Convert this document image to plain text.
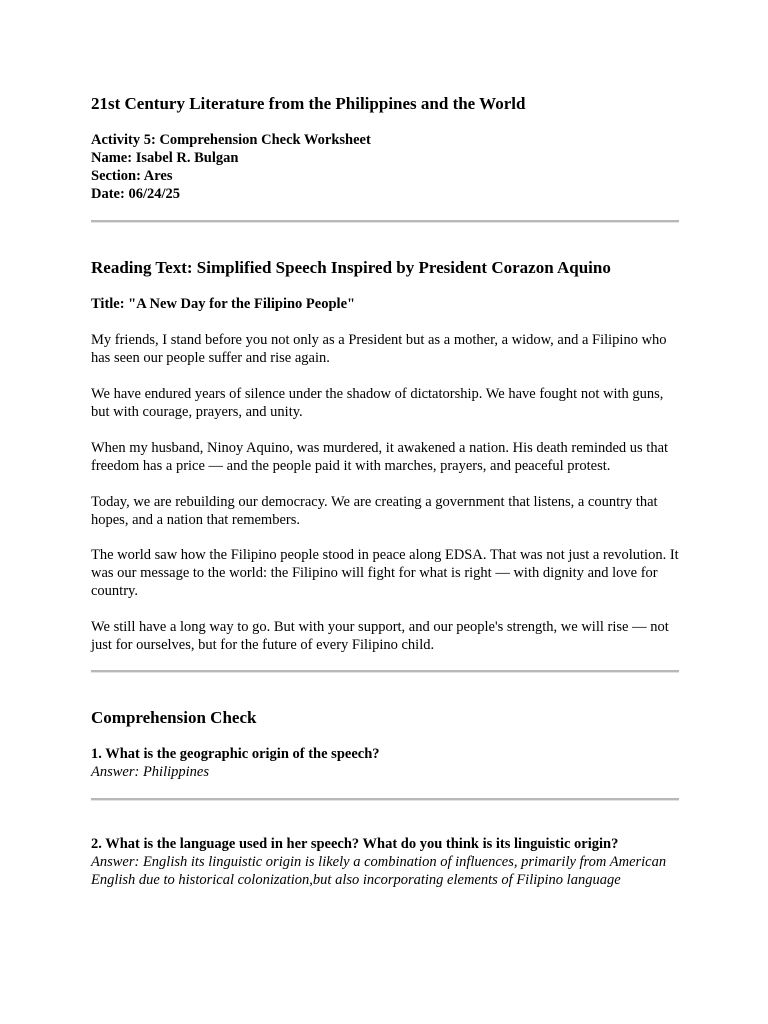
21st Century Literature from the Philippines and the World
Activity 5: Comprehension Check Worksheet
Name: Isabel R. Bulgan
Section: Ares
Date: 06/24/25
Reading Text: Simplified Speech Inspired by President Corazon Aquino
Title: "A New Day for the Filipino People"
My friends, I stand before you not only as a President but as a mother, a widow, and a Filipino who has seen our people suffer and rise again.
We have endured years of silence under the shadow of dictatorship. We have fought not with guns, but with courage, prayers, and unity.
When my husband, Ninoy Aquino, was murdered, it awakened a nation. His death reminded us that freedom has a price — and the people paid it with marches, prayers, and peaceful protest.
Today, we are rebuilding our democracy. We are creating a government that listens, a country that hopes, and a nation that remembers.
The world saw how the Filipino people stood in peace along EDSA. That was not just a revolution. It was our message to the world: the Filipino will fight for what is right — with dignity and love for country.
We still have a long way to go. But with your support, and our people's strength, we will rise — not just for ourselves, but for the future of every Filipino child.
Comprehension Check
1. What is the geographic origin of the speech?
Answer: Philippines
2. What is the language used in her speech? What do you think is its linguistic origin?
Answer: English its linguistic origin is likely a combination of influences, primarily from American English due to historical colonization,but also incorporating elements of Filipino language
